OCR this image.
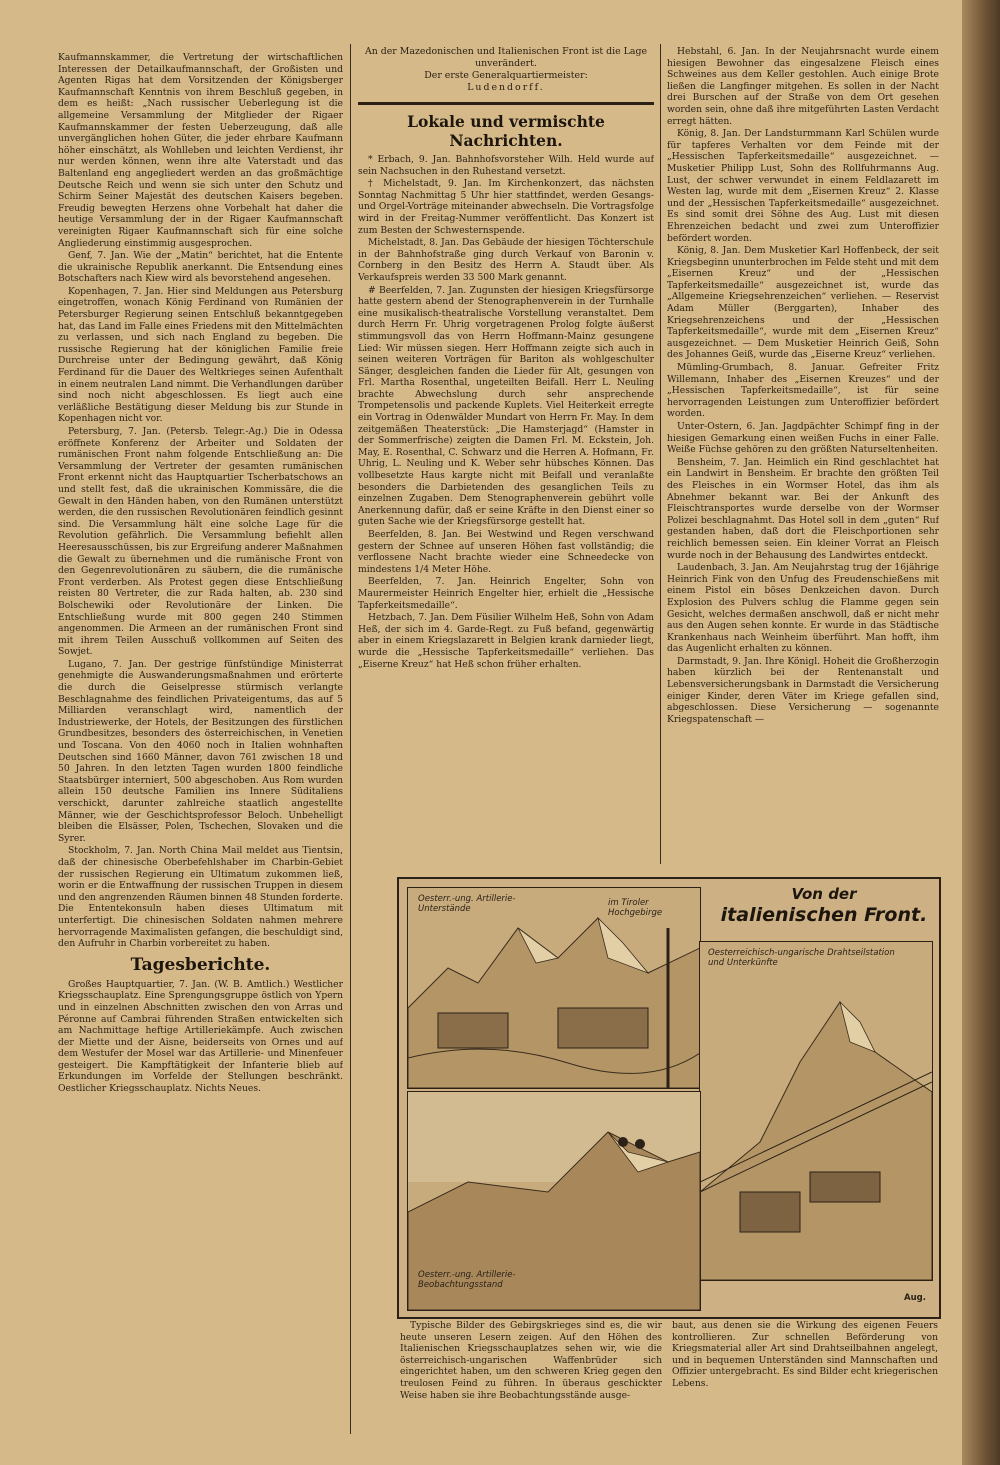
Kaufmannskammer, die Vertretung der wirtschaftlichen Interessen der Detailkaufmannschaft, der Großisten und Agenten Rigas hat dem Vorsitzenden der Königsberger Kaufmannschaft Kenntnis von ihrem Beschluß gegeben, in dem es heißt: „Nach russischer Ueberlegung ist die allgemeine Versammlung der Mitglieder der Rigaer Kaufmannskammer der festen Ueberzeugung, daß alle unvergänglichen hohen Güter, die jeder ehrbare Kaufmann höher einschätzt, als Wohlleben und leichten Verdienst, ihr nur werden können, wenn ihre alte Vaterstadt und das Baltenland eng angegliedert werden an das großmächtige Deutsche Reich und wenn sie sich unter den Schutz und Schirm Seiner Majestät des deutschen Kaisers begeben. Freudig bewegten Herzens ohne Vorbehalt hat daher die heutige Versammlung der in der Rigaer Kaufmannschaft vereinigten Rigaer Kaufmannschaft sich für eine solche Angliederung einstimmig ausgesprochen.

Genf, 7. Jan. Wie der „Matin“ berichtet, hat die Entente die ukrainische Republik anerkannt. Die Entsendung eines Botschafters nach Kiew wird als bevorstehend angesehen.

Kopenhagen, 7. Jan. Hier sind Meldungen aus Petersburg eingetroffen, wonach König Ferdinand von Rumänien der Petersburger Regierung seinen Entschluß bekanntgegeben hat, das Land im Falle eines Friedens mit den Mittelmächten zu verlassen, und sich nach England zu begeben. Die russische Regierung hat der königlichen Familie freie Durchreise unter der Bedingung gewährt, daß König Ferdinand für die Dauer des Weltkrieges seinen Aufenthalt in einem neutralen Land nimmt. Die Verhandlungen darüber sind noch nicht abgeschlossen. Es liegt auch eine verläßliche Bestätigung dieser Meldung bis zur Stunde in Kopenhagen nicht vor.

Petersburg, 7. Jan. (Petersb. Telegr.-Ag.) Die in Odessa eröffnete Konferenz der Arbeiter und Soldaten der rumänischen Front nahm folgende Entschließung an: Die Versammlung der Vertreter der gesamten rumänischen Front erkennt nicht das Hauptquartier Tscherbatschows an und stellt fest, daß die ukrainischen Kommissäre, die die Gewalt in den Händen haben, von den Rumänen unterstützt werden, die den russischen Revolutionären feindlich gesinnt sind. Die Versammlung hält eine solche Lage für die Revolution gefährlich. Die Versammlung befiehlt allen Heeresausschüssen, bis zur Ergreifung anderer Maßnahmen die Gewalt zu übernehmen und die rumänische Front von den Gegenrevolutionären zu säubern, die die rumänische Front verderben. Als Protest gegen diese Entschließung reisten 80 Vertreter, die zur Rada halten, ab. 230 sind Bolschewiki oder Revolutionäre der Linken. Die Entschließung wurde mit 800 gegen 240 Stimmen angenommen. Die Armeen an der rumänischen Front sind mit ihrem Teilen Ausschuß vollkommen auf Seiten des Sowjet.

Lugano, 7. Jan. Der gestrige fünfstündige Ministerrat genehmigte die Auswanderungsmaßnahmen und erörterte die durch die Geiselpresse stürmisch verlangte Beschlagnahme des feindlichen Privateigentums, das auf 5 Milliarden veranschlagt wird, namentlich der Industriewerke, der Hotels, der Besitzungen des fürstlichen Grundbesitzes, besonders des österreichischen, in Venetien und Toscana. Von den 4060 noch in Italien wohnhaften Deutschen sind 1660 Männer, davon 761 zwischen 18 und 50 Jahren. In den letzten Tagen wurden 1800 feindliche Staatsbürger interniert, 500 abgeschoben. Aus Rom wurden allein 150 deutsche Familien ins Innere Süditaliens verschickt, darunter zahlreiche staatlich angestellte Männer, wie der Geschichtsprofessor Beloch. Unbehelligt bleiben die Elsässer, Polen, Tschechen, Slovaken und die Syrer.

Stockholm, 7. Jan. North China Mail meldet aus Tientsin, daß der chinesische Oberbefehlshaber im Charbin-Gebiet der russischen Regierung ein Ultimatum zukommen ließ, worin er die Entwaffnung der russischen Truppen in diesem und den angrenzenden Räumen binnen 48 Stunden forderte. Die Ententekonsuln haben dieses Ultimatum mit unterfertigt. Die chinesischen Soldaten nahmen mehrere hervorragende Maximalisten gefangen, die beschuldigt sind, den Aufruhr in Charbin vorbereitet zu haben.

Tagesberichte.

Großes Hauptquartier, 7. Jan. (W. B. Amtlich.) Westlicher Kriegsschauplatz. Eine Sprengungsgruppe östlich von Ypern und in einzelnen Abschnitten zwischen den von Arras und Péronne auf Cambrai führenden Straßen entwickelten sich am Nachmittage heftige Artilleriekämpfe. Auch zwischen der Miette und der Aisne, beiderseits von Ornes und auf dem Westufer der Mosel war das Artillerie- und Minenfeuer gesteigert. Die Kampftätigkeit der Infanterie blieb auf Erkundungen im Vorfelde der Stellungen beschränkt. Oestlicher Kriegsschauplatz. Nichts Neues.

An der Mazedonischen und Italienischen Front ist die Lage unverändert.
Der erste Generalquartiermeister:
Ludendorff.
Lokale und vermischte Nachrichten.

* Erbach, 9. Jan. Bahnhofsvorsteher Wilh. Held wurde auf sein Nachsuchen in den Ruhestand versetzt.

† Michelstadt, 9. Jan. Im Kirchenkonzert, das nächsten Sonntag Nachmittag 5 Uhr hier stattfindet, werden Gesangs- und Orgel-Vorträge miteinander abwechseln. Die Vortragsfolge wird in der Freitag-Nummer veröffentlicht. Das Konzert ist zum Besten der Schwesternspende.

Michelstadt, 8. Jan. Das Gebäude der hiesigen Töchterschule in der Bahnhofstraße ging durch Verkauf von Baronin v. Cornberg in den Besitz des Herrn A. Staudt über. Als Verkaufspreis werden 33 500 Mark genannt.

# Beerfelden, 7. Jan. Zugunsten der hiesigen Kriegsfürsorge hatte gestern abend der Stenographenverein in der Turnhalle eine musikalisch-theatralische Vorstellung veranstaltet. Dem durch Herrn Fr. Uhrig vorgetragenen Prolog folgte äußerst stimmungsvoll das von Herrn Hoffmann-Mainz gesungene Lied: Wir müssen siegen. Herr Hoffmann zeigte sich auch in seinen weiteren Vorträgen für Bariton als wohlgeschulter Sänger, desgleichen fanden die Lieder für Alt, gesungen von Frl. Martha Rosenthal, ungeteilten Beifall. Herr L. Neuling brachte Abwechslung durch sehr ansprechende Trompetensolis und packende Kuplets. Viel Heiterkeit erregte ein Vortrag in Odenwälder Mundart von Herrn Fr. May. In dem zeitgemäßen Theaterstück: „Die Hamsterjagd“ (Hamster in der Sommerfrische) zeigten die Damen Frl. M. Eckstein, Joh. May, E. Rosenthal, C. Schwarz und die Herren A. Hofmann, Fr. Uhrig, L. Neuling und K. Weber sehr hübsches Können. Das vollbesetzte Haus kargte nicht mit Beifall und veranlaßte besonders die Darbietenden des gesanglichen Teils zu einzelnen Zugaben. Dem Stenographenverein gebührt volle Anerkennung dafür, daß er seine Kräfte in den Dienst einer so guten Sache wie der Kriegsfürsorge gestellt hat.

Beerfelden, 8. Jan. Bei Westwind und Regen verschwand gestern der Schnee auf unseren Höhen fast vollständig; die verflossene Nacht brachte wieder eine Schneedecke von mindestens 1/4 Meter Höhe.

Beerfelden, 7. Jan. Heinrich Engelter, Sohn von Maurermeister Heinrich Engelter hier, erhielt die „Hessische Tapferkeitsmedaille“.

Hetzbach, 7. Jan. Dem Füsilier Wilhelm Heß, Sohn von Adam Heß, der sich im 4. Garde-Regt. zu Fuß befand, gegenwärtig aber in einem Kriegslazarett in Belgien krank darnieder liegt, wurde die „Hessische Tapferkeitsmedaille“ verliehen. Das „Eiserne Kreuz“ hat Heß schon früher erhalten.

Hebstahl, 6. Jan. In der Neujahrsnacht wurde einem hiesigen Bewohner das eingesalzene Fleisch eines Schweines aus dem Keller gestohlen. Auch einige Brote ließen die Langfinger mitgehen. Es sollen in der Nacht drei Burschen auf der Straße von dem Ort gesehen worden sein, ohne daß ihre mitgeführten Lasten Verdacht erregt hätten.

König, 8. Jan. Der Landsturmmann Karl Schülen wurde für tapferes Verhalten vor dem Feinde mit der „Hessischen Tapferkeitsmedaille“ ausgezeichnet. — Musketier Philipp Lust, Sohn des Rollfuhrmanns Aug. Lust, der schwer verwundet in einem Feldlazarett im Westen lag, wurde mit dem „Eisernen Kreuz“ 2. Klasse und der „Hessischen Tapferkeitsmedaille“ ausgezeichnet. Es sind somit drei Söhne des Aug. Lust mit diesen Ehrenzeichen bedacht und zwei zum Unteroffizier befördert worden.

König, 8. Jan. Dem Musketier Karl Hoffenbeck, der seit Kriegsbeginn ununterbrochen im Felde steht und mit dem „Eisernen Kreuz“ und der „Hessischen Tapferkeitsmedaille“ ausgezeichnet ist, wurde das „Allgemeine Kriegsehrenzeichen“ verliehen. — Reservist Adam Müller (Berggarten), Inhaber des Kriegsehrenzeichens und der „Hessischen Tapferkeitsmedaille“, wurde mit dem „Eisernen Kreuz“ ausgezeichnet. — Dem Musketier Heinrich Geiß, Sohn des Johannes Geiß, wurde das „Eiserne Kreuz“ verliehen.

Mümling-Grumbach, 8. Januar. Gefreiter Fritz Willemann, Inhaber des „Eisernen Kreuzes“ und der „Hessischen Tapferkeitsmedaille“, ist für seine hervorragenden Leistungen zum Unteroffizier befördert worden.

Unter-Ostern, 6. Jan. Jagdpächter Schimpf fing in der hiesigen Gemarkung einen weißen Fuchs in einer Falle. Weiße Füchse gehören zu den größten Naturseltenheiten.

Bensheim, 7. Jan. Heimlich ein Rind geschlachtet hat ein Landwirt in Bensheim. Er brachte den größten Teil des Fleisches in ein Wormser Hotel, das ihm als Abnehmer bekannt war. Bei der Ankunft des Fleischtransportes wurde derselbe von der Wormser Polizei beschlagnahmt. Das Hotel soll in dem „guten“ Ruf gestanden haben, daß dort die Fleischportionen sehr reichlich bemessen seien. Ein kleiner Vorrat an Fleisch wurde noch in der Behausung des Landwirtes entdeckt.

Laudenbach, 3. Jan. Am Neujahrstag trug der 16jährige Heinrich Fink von den Unfug des Freudenschießens mit einem Pistol ein böses Denkzeichen davon. Durch Explosion des Pulvers schlug die Flamme gegen sein Gesicht, welches dermaßen anschwoll, daß er nicht mehr aus den Augen sehen konnte. Er wurde in das Städtische Krankenhaus nach Weinheim überführt. Man hofft, ihm das Augenlicht erhalten zu können.

Darmstadt, 9. Jan. Ihre Königl. Hoheit die Großherzogin haben kürzlich bei der Rentenanstalt und Lebensversicherungsbank in Darmstadt die Versicherung einiger Kinder, deren Väter im Kriege gefallen sind, abgeschlossen. Diese Versicherung — sogenannte Kriegspatenschaft —

Oesterr.-ung. Artillerie-Unterstände
im Tiroler Hochgebirge
Von der
italienischen Front.
Oesterreichisch-ungarische Drahtseilstation und Unterkünfte
Oesterr.-ung. Artillerie-Beobachtungsstand
Aug.

Typische Bilder des Gebirgskrieges sind es, die wir heute unseren Lesern zeigen. Auf den Höhen des Italienischen Kriegsschauplatzes sehen wir, wie die österreichisch-ungarischen Waffenbrüder sich eingerichtet haben, um den schweren Krieg gegen den treulosen Feind zu führen. In überaus geschickter Weise haben sie ihre Beobachtungsstände ausge-

baut, aus denen sie die Wirkung des eigenen Feuers kontrollieren. Zur schnellen Beförderung von Kriegsmaterial aller Art sind Drahtseilbahnen angelegt, und in bequemen Unterständen sind Mannschaften und Offizier untergebracht. Es sind Bilder echt kriegerischen Lebens.
